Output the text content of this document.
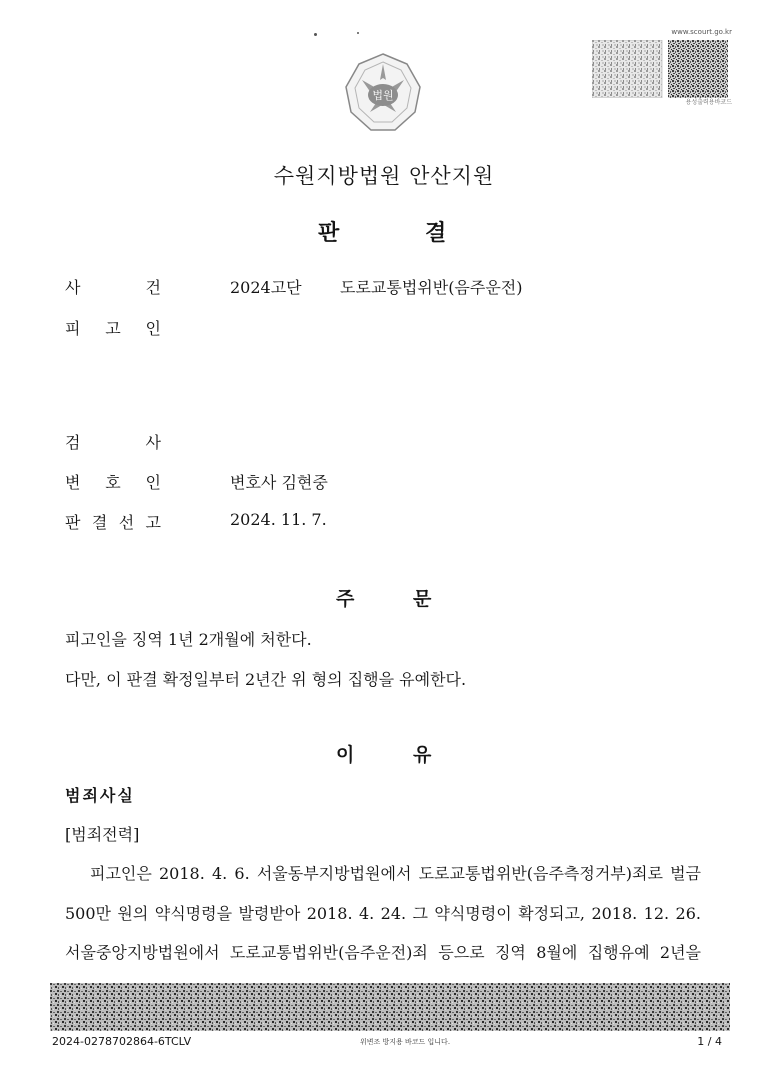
법원
www.scourt.go.kr
용성출력용바코드
수원지방법원 안산지원
판	결
사	건	2024고단 도로교통법위반(음주운전)
피 고 인
검	사
변 호 인	변호사 김현중
판 결 선 고	2024. 11. 7.
주	문
피고인을 징역 1년 2개월에 처한다.
다만, 이 판결 확정일부터 2년간 위 형의 집행을 유예한다.
이	유
범죄사실
[범죄전력]
피고인은 2018. 4. 6. 서울동부지방법원에서 도로교통법위반(음주측정거부)죄로 벌금
500만 원의 약식명령을 발령받아 2018. 4. 24. 그 약식명령이 확정되고, 2018. 12. 26.
서울중앙지방법원에서 도로교통법위반(음주운전)죄 등으로 징역 8월에 집행유예 2년을
2024-0278702864-6TCLV	위변조 방지용 바코드 입니다.	1 / 4
